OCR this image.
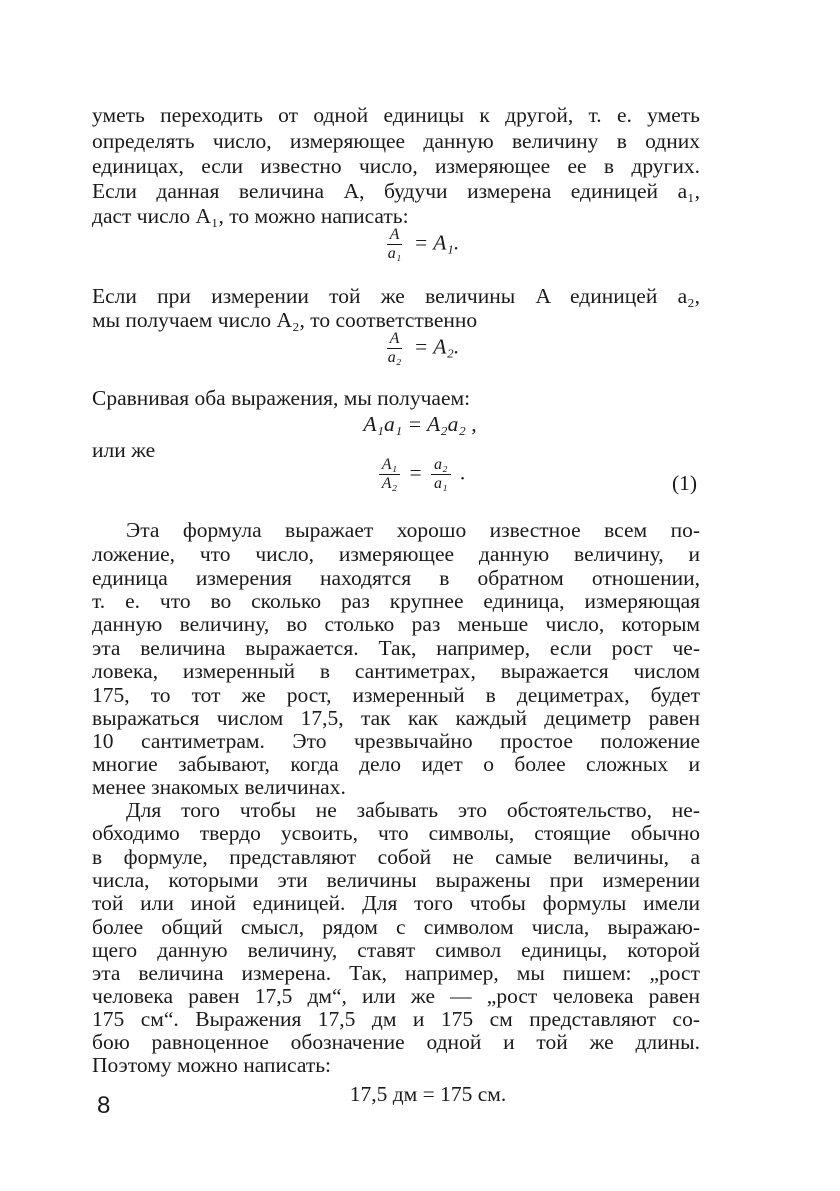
уметь переходить от одной единицы к другой, т. е. уметь
определять число, измеряющее данную величину в одних
единицах, если известно число, измеряющее ее в других.
Если данная величина A, будучи измерена единицей a₁,
даст число A₁, то можно написать:
$\frac{A}{\text{a₁}} = A_1$.
Если при измерении той же величины A единицей a₂,
мы получаем число A₂, то соответственно
$\frac{A}{\text{a₂}} = A_2$.
Сравнивая оба выражения, мы получаем:
A₁a₁ = A₂a₂ ,
или же
$\frac{\text{A₁}}{\text{A₂}} = \frac{\text{a₂}}{\text{a₁}}$ .	(1)
Эта формула выражает хорошо известное всем по-
ложение, что число, измеряющее данную величину, и
единица измерения находятся в обратном отношении,
т. е. что во сколько раз крупнее единица, измеряющая
данную величину, во столько раз меньше число, которым
эта величина выражается. Так, например, если рост че-
ловека, измеренный в сантиметрах, выражается числом
175, то тот же рост, измеренный в дециметрах, будет
выражаться числом 17,5, так как каждый дециметр равен
10 сантиметрам. Это чрезвычайно простое положение
многие забывают, когда дело идет о более сложных и
менее знакомых величинах.
Для того чтобы не забывать это обстоятельство, не-
обходимо твердо усвоить, что символы, стоящие обычно
в формуле, представляют собой не самые величины, а
числа, которыми эти величины выражены при измерении
той или иной единицей. Для того чтобы формулы имели
более общий смысл, рядом с символом числа, выражаю-
щего данную величину, ставят символ единицы, которой
эта величина измерена. Так, например, мы пишем: „рост
человека равен 17,5 дм“, или же — „рост человека равен
175 см“. Выражения 17,5 дм и 175 см представляют со-
бою равноценное обозначение одной и той же длины.
Поэтому можно написать:
17,5 дм = 175 см.
8
